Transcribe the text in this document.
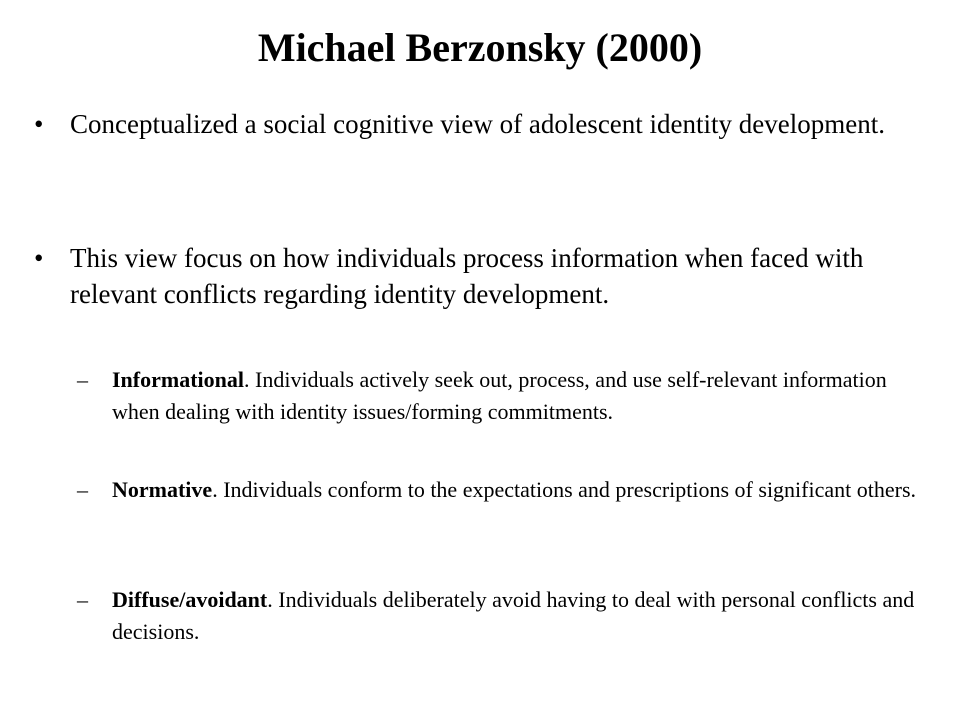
Michael Berzonsky (2000)
• Conceptualized a social cognitive view of adolescent identity development.
• This view focus on how individuals process information when faced with relevant conflicts regarding identity development.
–	Informational. Individuals actively seek out, process, and use self-relevant information when dealing with identity issues/forming commitments.
–	Normative. Individuals conform to the expectations and prescriptions of significant others.
–	Diffuse/avoidant. Individuals deliberately avoid having to deal with personal conflicts and decisions.
